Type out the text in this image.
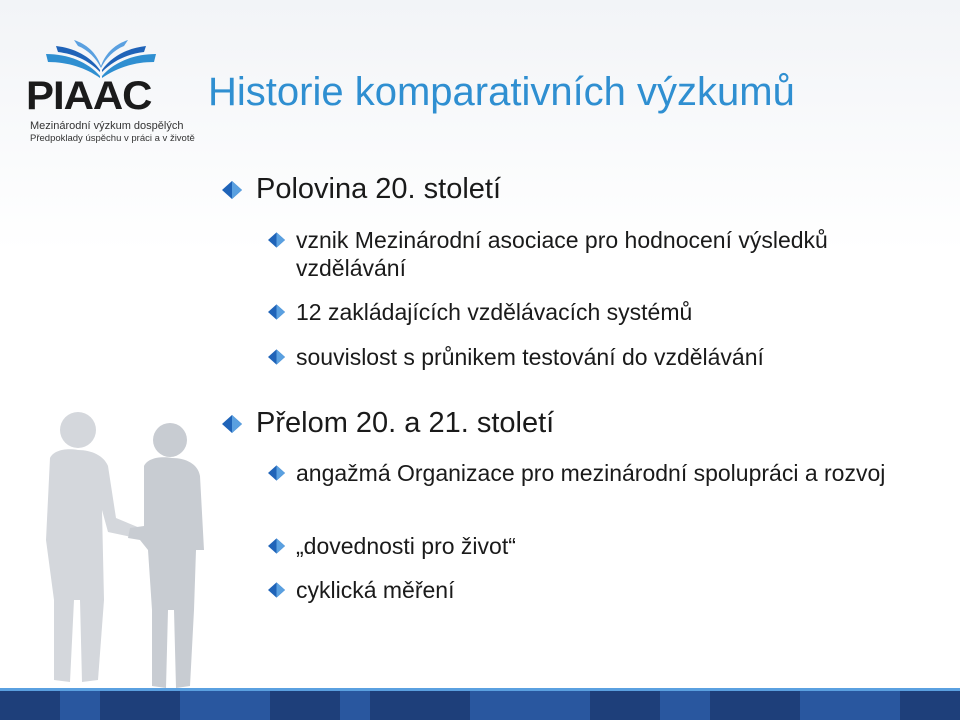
PIAAC
Mezinárodní výzkum dospělých
Předpoklady úspěchu v práci a v životě
Historie komparativních výzkumů
Polovina 20. století
vznik Mezinárodní asociace pro hodnocení výsledků vzdělávání
12 zakládajících vzdělávacích systémů
souvislost s průnikem testování do vzdělávání
Přelom 20. a 21. století
angažmá Organizace pro mezinárodní spolupráci a rozvoj
„dovednosti pro život“
cyklická měření
